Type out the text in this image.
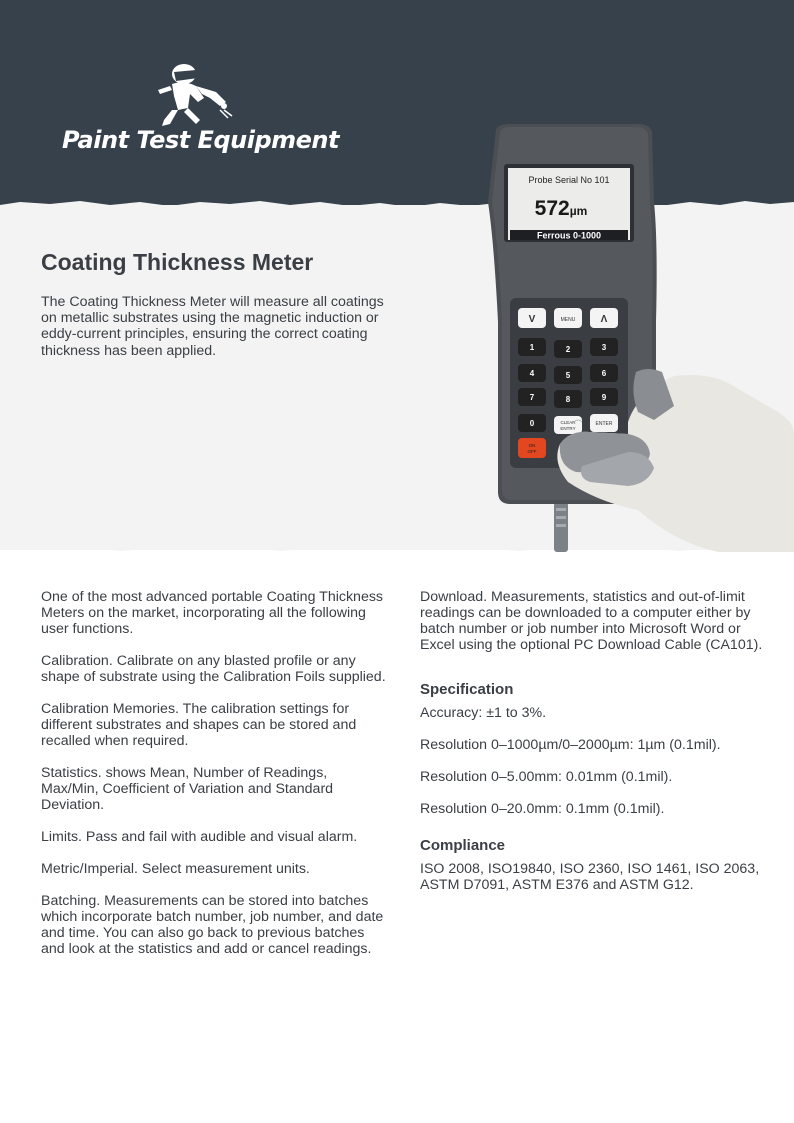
Paint Test Equipment
Coating Thickness Meter

The Coating Thickness Meter will measure all coatings on metallic substrates using the magnetic induction or eddy-current principles, ensuring the correct coating thickness has been applied.

Probe Serial No 101
572µm
Ferrous 0-1000
V	MENU	Λ
1	2	3
4	5	6
7	8	9
0	CLEAR
ENTRY
ENTER
ON
OFF

One of the most advanced portable Coating Thickness Meters on the market, incorporating all the following user functions.

Calibration. Calibrate on any blasted profile or any shape of substrate using the Calibration Foils supplied.

Calibration Memories. The calibration settings for different substrates and shapes can be stored and recalled when required.

Statistics. shows Mean, Number of Readings, Max/Min, Coefficient of Variation and Standard Deviation.

Limits. Pass and fail with audible and visual alarm.

Metric/Imperial. Select measurement units.

Batching. Measurements can be stored into batches which incorporate batch number, job number, and date and time. You can also go back to previous batches and look at the statistics and add or cancel readings.

Download. Measurements, statistics and out-of-limit readings can be downloaded to a computer either by batch number or job number into Microsoft Word or Excel using the optional PC Download Cable (CA101).

Specification

Accuracy: ±1 to 3%.

Resolution 0–1000µm/0–2000µm: 1µm (0.1mil).

Resolution 0–5.00mm: 0.01mm (0.1mil).

Resolution 0–20.0mm: 0.1mm (0.1mil).

Compliance

ISO 2008, ISO19840, ISO 2360, ISO 1461, ISO 2063, ASTM D7091, ASTM E376 and ASTM G12.
